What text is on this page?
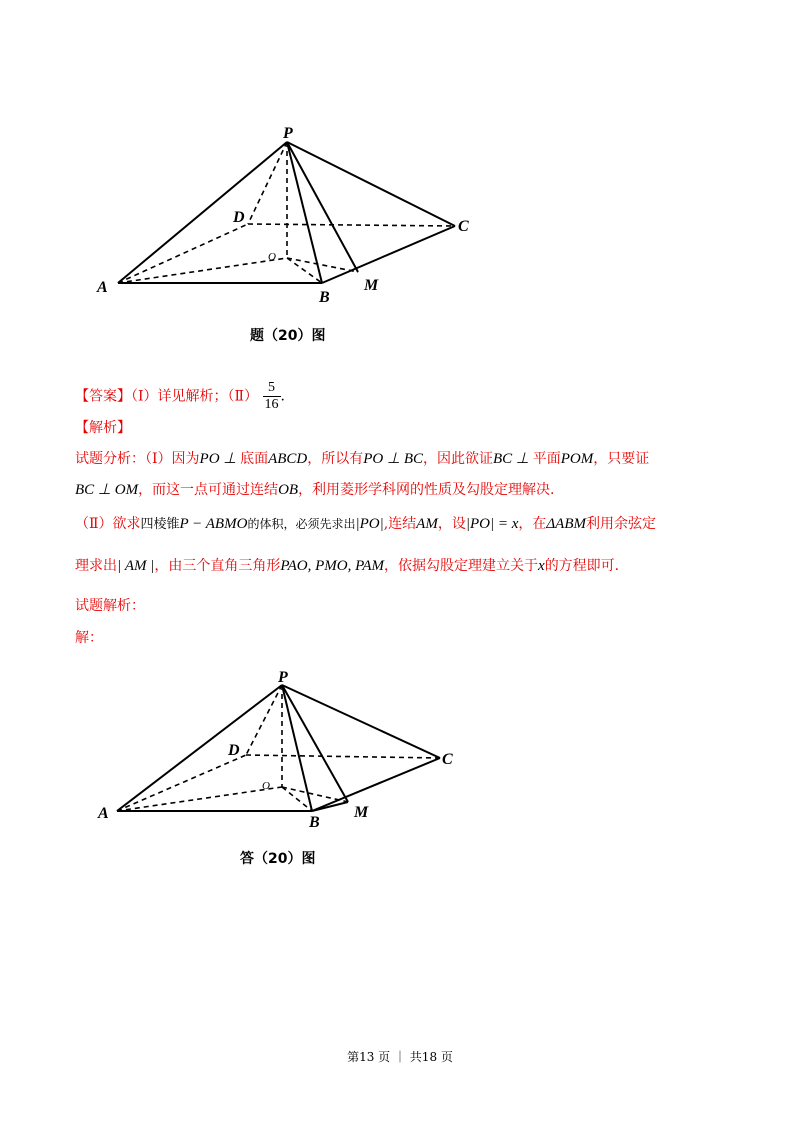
P
D
C
O
A
B
M
题（20）图
【答案】（Ⅰ）详见解析；（Ⅱ） $\frac{5}{16}$ .
【解析】
试题分析：（Ⅰ）因为PO ⊥ 底面ABCD，所以有PO ⊥ BC，因此欲证BC ⊥ 平面POM，只要证
BC ⊥ OM，而这一点可通过连结OB，利用菱形学科网的性质及勾股定理解决.
（Ⅱ）欲求四棱锥P − ABMO的体积，必须先求出|PO|,连结AM，设|PO| = x，在ΔABM利用余弦定
理求出| AM |，由三个直角三角形PAO, PMO, PAM，依据勾股定理建立关于x的方程即可.
试题解析：
解：
P
D
C
O
A
B
M
答（20）图
第13 页 ｜ 共18 页
